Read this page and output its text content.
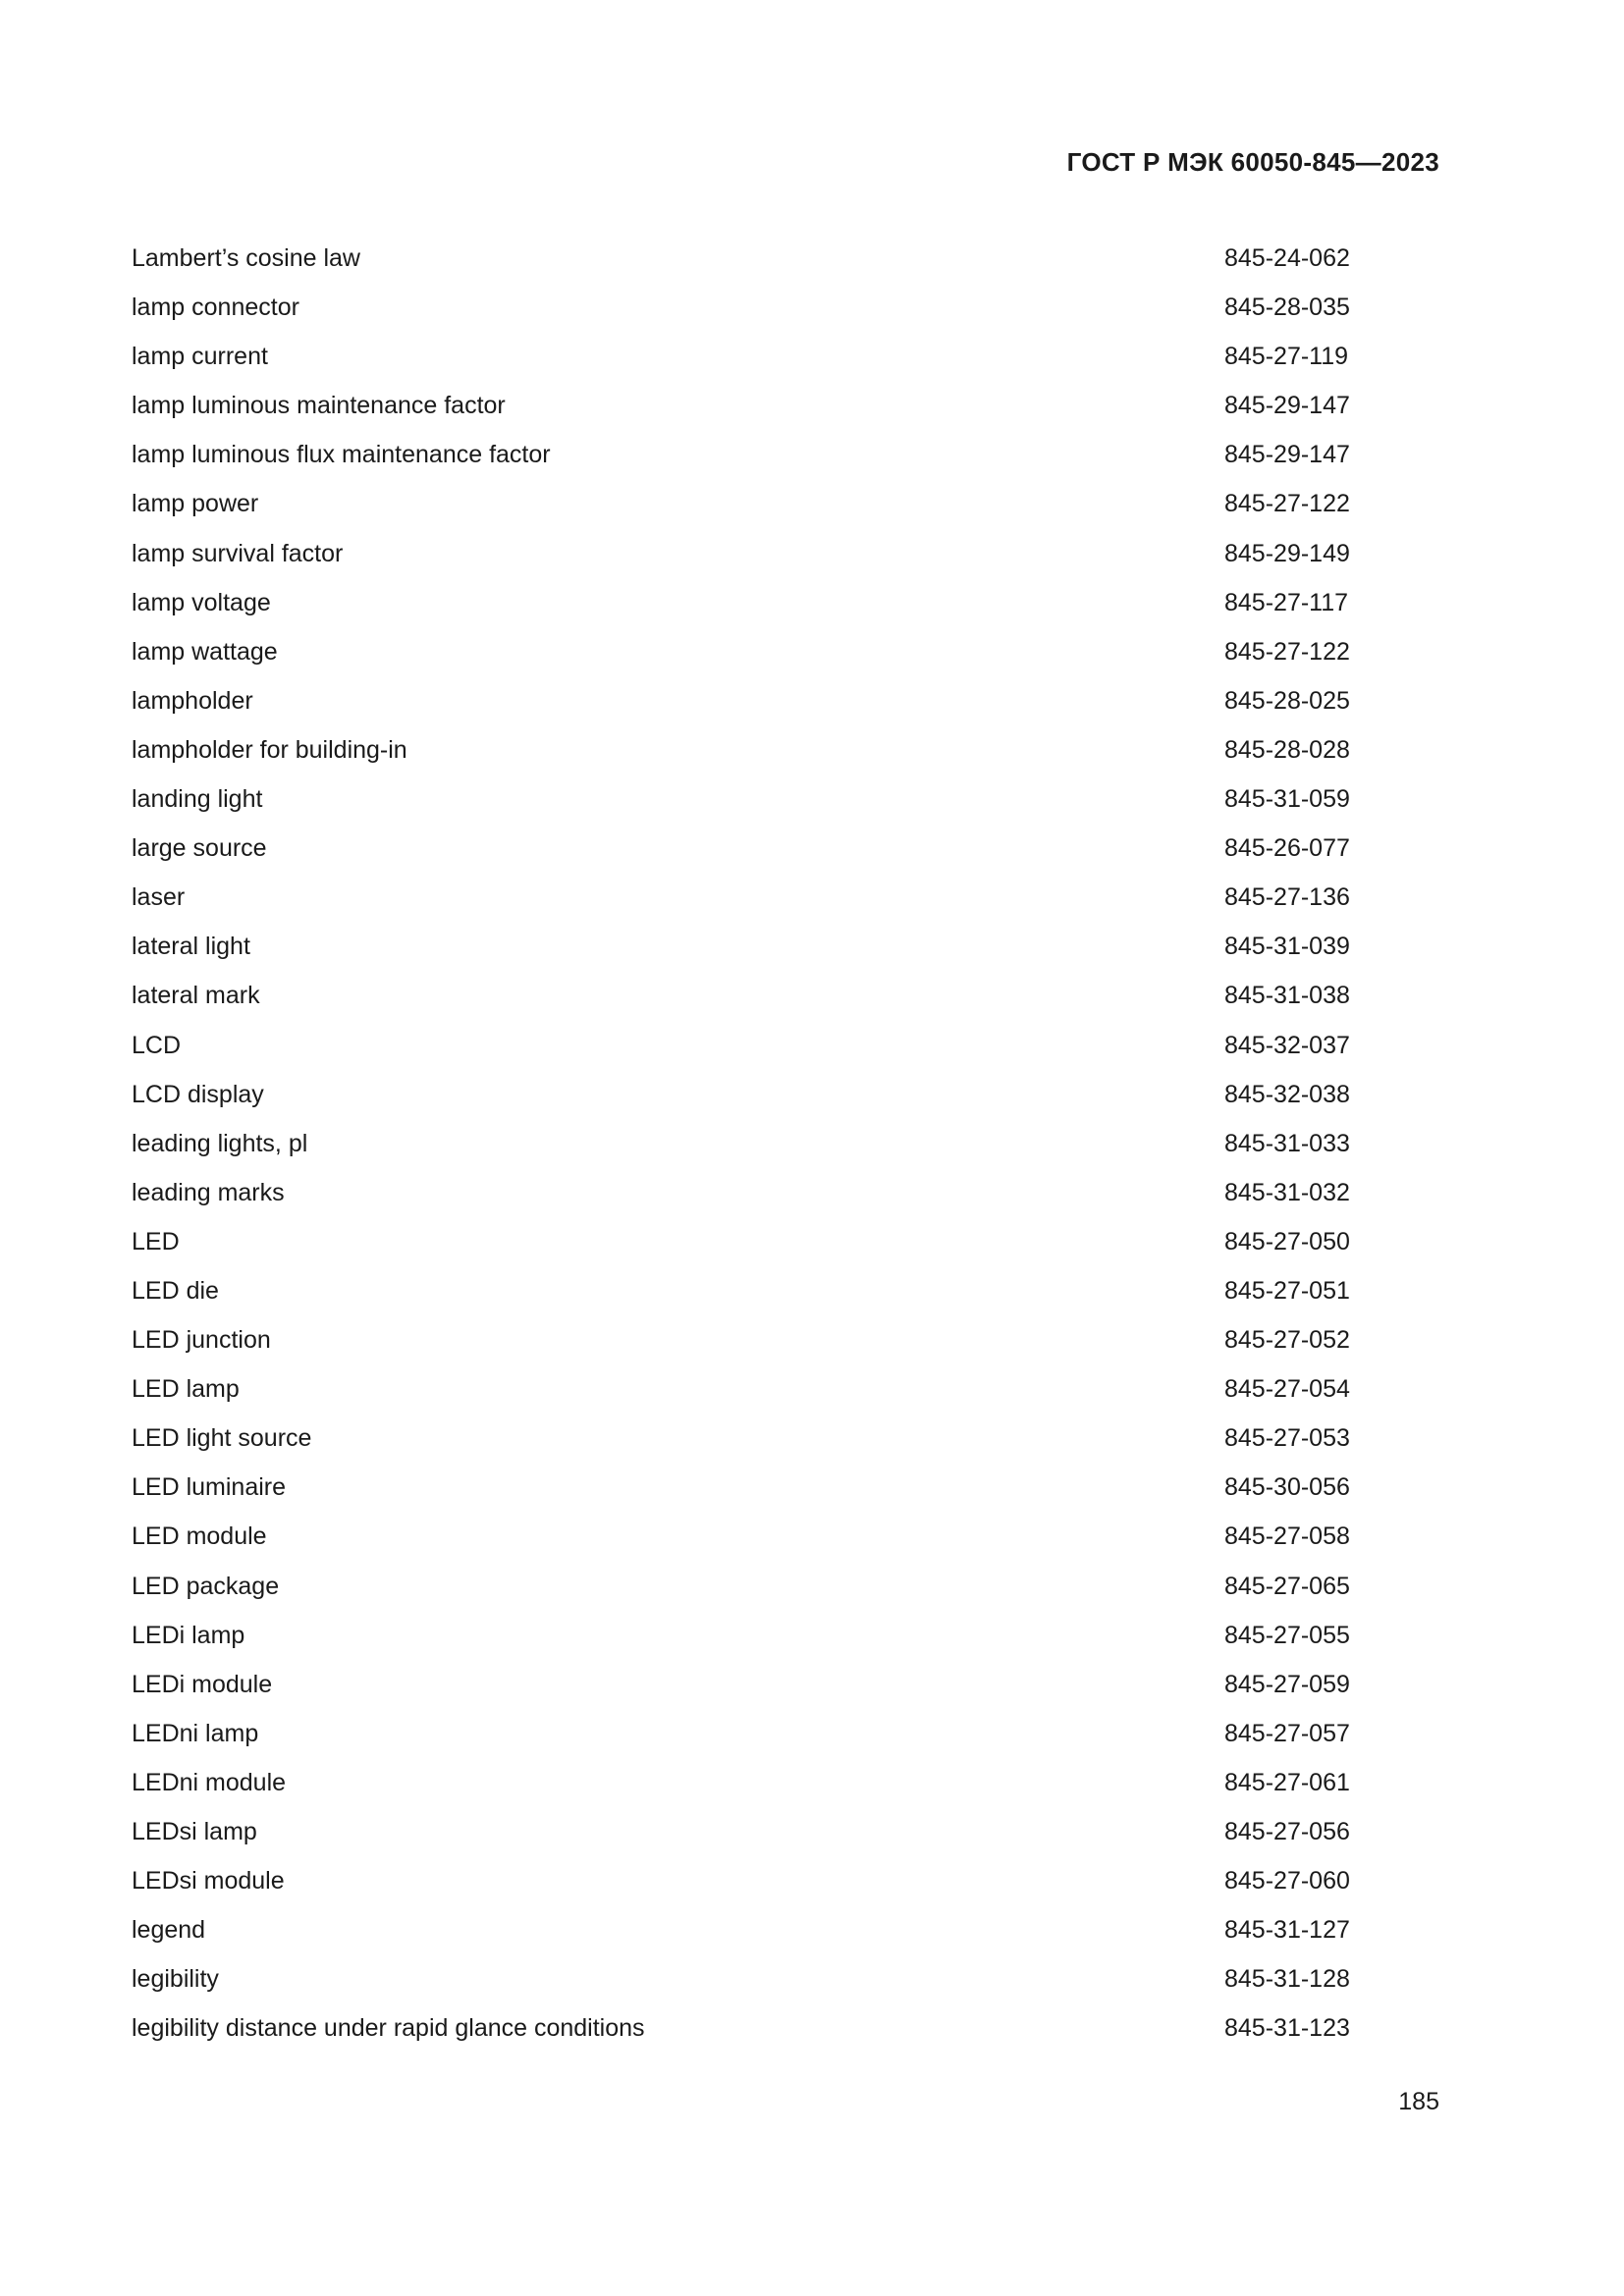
ГОСТ Р МЭК 60050-845—2023
Lambert’s cosine law	845-24-062
lamp connector	845-28-035
lamp current	845-27-119
lamp luminous maintenance factor	845-29-147
lamp luminous flux maintenance factor	845-29-147
lamp power	845-27-122
lamp survival factor	845-29-149
lamp voltage	845-27-117
lamp wattage	845-27-122
lampholder	845-28-025
lampholder for building-in	845-28-028
landing light	845-31-059
large source	845-26-077
laser	845-27-136
lateral light	845-31-039
lateral mark	845-31-038
LCD	845-32-037
LCD display	845-32-038
leading lights, pl	845-31-033
leading marks	845-31-032
LED	845-27-050
LED die	845-27-051
LED junction	845-27-052
LED lamp	845-27-054
LED light source	845-27-053
LED luminaire	845-30-056
LED module	845-27-058
LED package	845-27-065
LEDi lamp	845-27-055
LEDi module	845-27-059
LEDni lamp	845-27-057
LEDni module	845-27-061
LEDsi lamp	845-27-056
LEDsi module	845-27-060
legend	845-31-127
legibility	845-31-128
legibility distance under rapid glance conditions	845-31-123
185
